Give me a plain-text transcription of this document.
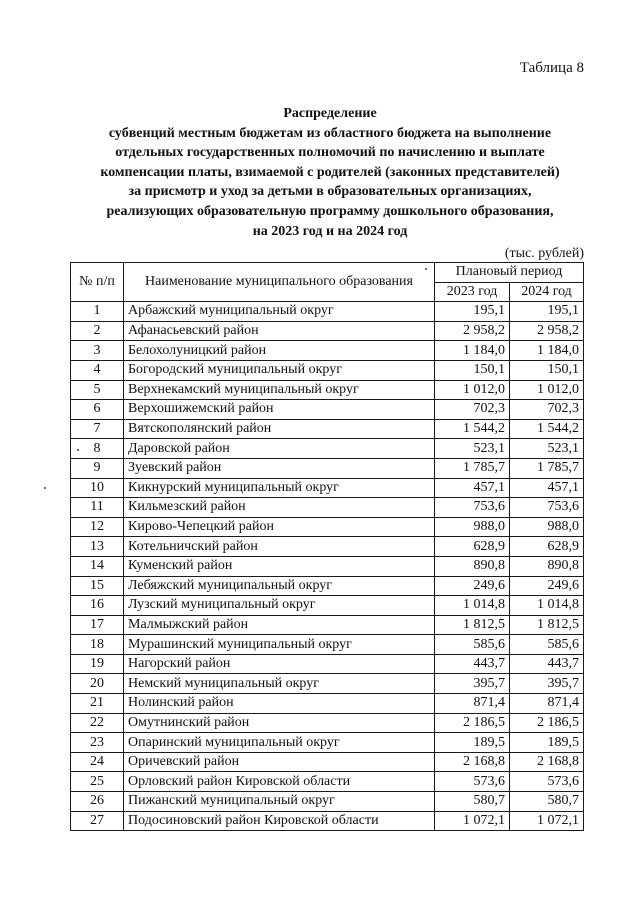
Таблица 8
Распределение
субвенций местным бюджетам из областного бюджета на выполнение
отдельных государственных полномочий по начислению и выплате
компенсации платы, взимаемой с родителей (законных представителей)
за присмотр и уход за детьми в образовательных организациях,
реализующих образовательную программу дошкольного образования,
на 2023 год и на 2024 год
(тыс. рублей)
№ п/п	Наименование муниципального образования	Плановый период	
		2023 год	2024 год
1	Арбажский муниципальный округ	195,1	195,1
2	Афанасьевский район	2 958,2	2 958,2
3	Белохолуницкий район	1 184,0	1 184,0
4	Богородский муниципальный округ	150,1	150,1
5	Верхнекамский муниципальный округ	1 012,0	1 012,0
6	Верхошижемский район	702,3	702,3
7	Вятскополянский район	1 544,2	1 544,2
8	Даровской район	523,1	523,1
9	Зуевский район	1 785,7	1 785,7
10	Кикнурский муниципальный округ	457,1	457,1
11	Кильмезский район	753,6	753,6
12	Кирово-Чепецкий район	988,0	988,0
13	Котельничский район	628,9	628,9
14	Куменский район	890,8	890,8
15	Лебяжский муниципальный округ	249,6	249,6
16	Лузский муниципальный округ	1 014,8	1 014,8
17	Малмыжский район	1 812,5	1 812,5
18	Мурашинский муниципальный округ	585,6	585,6
19	Нагорский район	443,7	443,7
20	Немский муниципальный округ	395,7	395,7
21	Нолинский район	871,4	871,4
22	Омутнинский район	2 186,5	2 186,5
23	Опаринский муниципальный округ	189,5	189,5
24	Оричевский район	2 168,8	2 168,8
25	Орловский район Кировской области	573,6	573,6
26	Пижанский муниципальный округ	580,7	580,7
27	Подосиновский район Кировской области	1 072,1	1 072,1
